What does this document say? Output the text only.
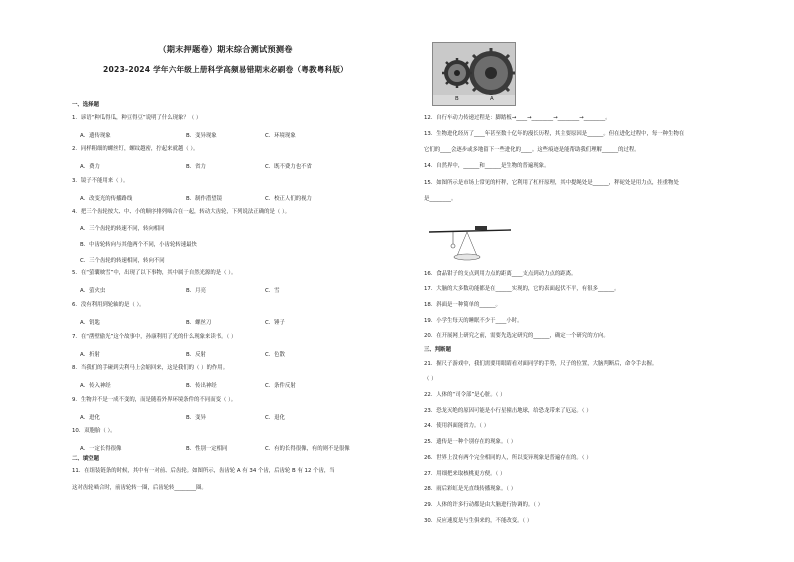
（期末押题卷）期末综合测试预测卷
2023-2024 学年六年级上册科学高频易错期末必刷卷（粤教粤科版）
一、选择题
1．谚语“种瓜得瓜，种豆得豆”说明了什么现象？（ ）
A．遗传现象	B．变异现象	C．环境现象
2．同样粗细的螺丝钉，螺纹越密，拧起来就越（ ）。
A．费力	B．省力	C．既不费力也不省
3．镜子不能用来（ ）。
A．改变光的传播路线	B．制作潜望镜	C．校正人们的视力
4．把三个齿轮按大、中、小的顺序排列啮合在一起，转动大齿轮，下列说法正确的是（ ）。
A．三个齿轮的转速不同，转向相同
B．中齿轮转向与其他两个不同，小齿轮转速最快
C．三个齿轮的转速相同，转向不同
5．在“萤囊映雪”中，出现了以下事物，其中属于自然光源的是（ ）。
A．萤火虫	B．月亮	C．雪
6．没有利用到轮轴的是（ ）。
A．钥匙	B．螺丝刀	C．锤子
7．在“凿壁偷光”这个故事中，孙康利用了光的什么现象来读书。（ ）
A．折射	B．反射	C．色散
8．当我们的手碰到尖利马上会缩回来，这是我们的（ ）的作用。
A．传入神经	B．传出神经	C．条件反射
9．生物并不是一成不变的，而是随着外界环境条件的不同而变（ ）。
A．进化	B．变异	C．退化
10．双胞胎（ ）。
A．一定长得很像	B．性别一定相同	C．有的长得很像，有的则不是很像
二、填空题
11．在组装链条的时候，其中有一对前、后齿轮。如图所示，齿齿轮 A 有 34 个齿，后齿轮 B 有 12 个齿，当
这对齿轮啮合时，前齿轮转一圈，后齿轮转________圈。
B	A
12．自行车动力传递过程是：脚踏板→____→________→________→________。
13．生物进化经历了____年甚至数十亿年的漫长历程，其主要原因是______。但在进化过程中，每一种生物在
它们的____会逐步或多地留下一些进化的____。这些痕迹是能帮助我们理解______的过程。
14．自然界中，______和______是生物的普遍现象。
15．如图所示是市场上常见的杆秤，它利用了杠杆原理，其中提绳处是______，秤砣处是用力点，挂重物处
是________。
16．食品钳子的支点到用力点的距离____支点到动力点的距离。
17．大脑的大多数功能都是在______实现的，它的表面起伏不平，有很多______。
18．斜面是一种简单的______。
19．小学生每天的睡眠不少于____小时。
20．在开展网上研究之前，需要先选定研究的______，确定一个研究的方向。
三、判断题
21．握尺子游戏中，我们需要用眼睛看对面同学的手势，尺子的位置，大脑判断后，命令手去握。
（ ）
22．人体的“司令部”是心脏。（ ）
23．恐龙灭绝的原因可能是小行星撞击地球，给恐龙带来了厄运。（ ）
24．使用斜面能省力。（ ）
25．遗传是一种个别存在的现象。（ ）
26．世界上没有两个完全相同的人，所以变异现象是普遍存在的。（ ）
27．用细把来取核桃更方便。（ ）
28．雨后彩虹是光直线传播现象。（ ）
29．人体的许多行动都是由大脑进行协调的。（ ）
30．反应速度是与生俱来的，不能改变。（ ）
